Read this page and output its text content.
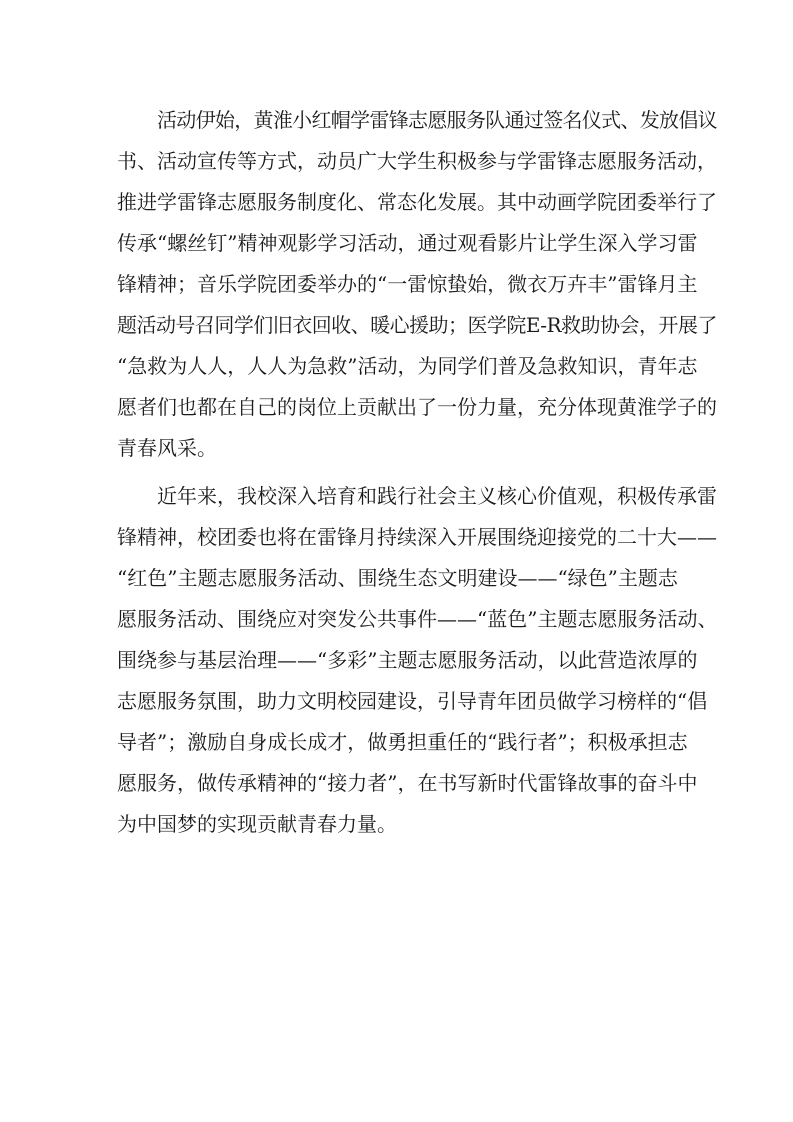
活动伊始，黄淮小红帽学雷锋志愿服务队通过签名仪式、发放倡议
书、活动宣传等方式，动员广大学生积极参与学雷锋志愿服务活动，
推进学雷锋志愿服务制度化、常态化发展。其中动画学院团委举行了
传承“螺丝钉”精神观影学习活动，通过观看影片让学生深入学习雷
锋精神；音乐学院团委举办的“一雷惊蛰始，微衣万卉丰”雷锋月主
题活动号召同学们旧衣回收、暖心援助；医学院E-R救助协会，开展了
“急救为人人，人人为急救”活动，为同学们普及急救知识，青年志
愿者们也都在自己的岗位上贡献出了一份力量，充分体现黄淮学子的
青春风采。
近年来，我校深入培育和践行社会主义核心价值观，积极传承雷
锋精神，校团委也将在雷锋月持续深入开展围绕迎接党的二十大——
“红色”主题志愿服务活动、围绕生态文明建设——“绿色”主题志
愿服务活动、围绕应对突发公共事件——“蓝色”主题志愿服务活动、
围绕参与基层治理——“多彩”主题志愿服务活动，以此营造浓厚的
志愿服务氛围，助力文明校园建设，引导青年团员做学习榜样的“倡
导者”；激励自身成长成才，做勇担重任的“践行者”；积极承担志
愿服务，做传承精神的“接力者”，在书写新时代雷锋故事的奋斗中
为中国梦的实现贡献青春力量。
